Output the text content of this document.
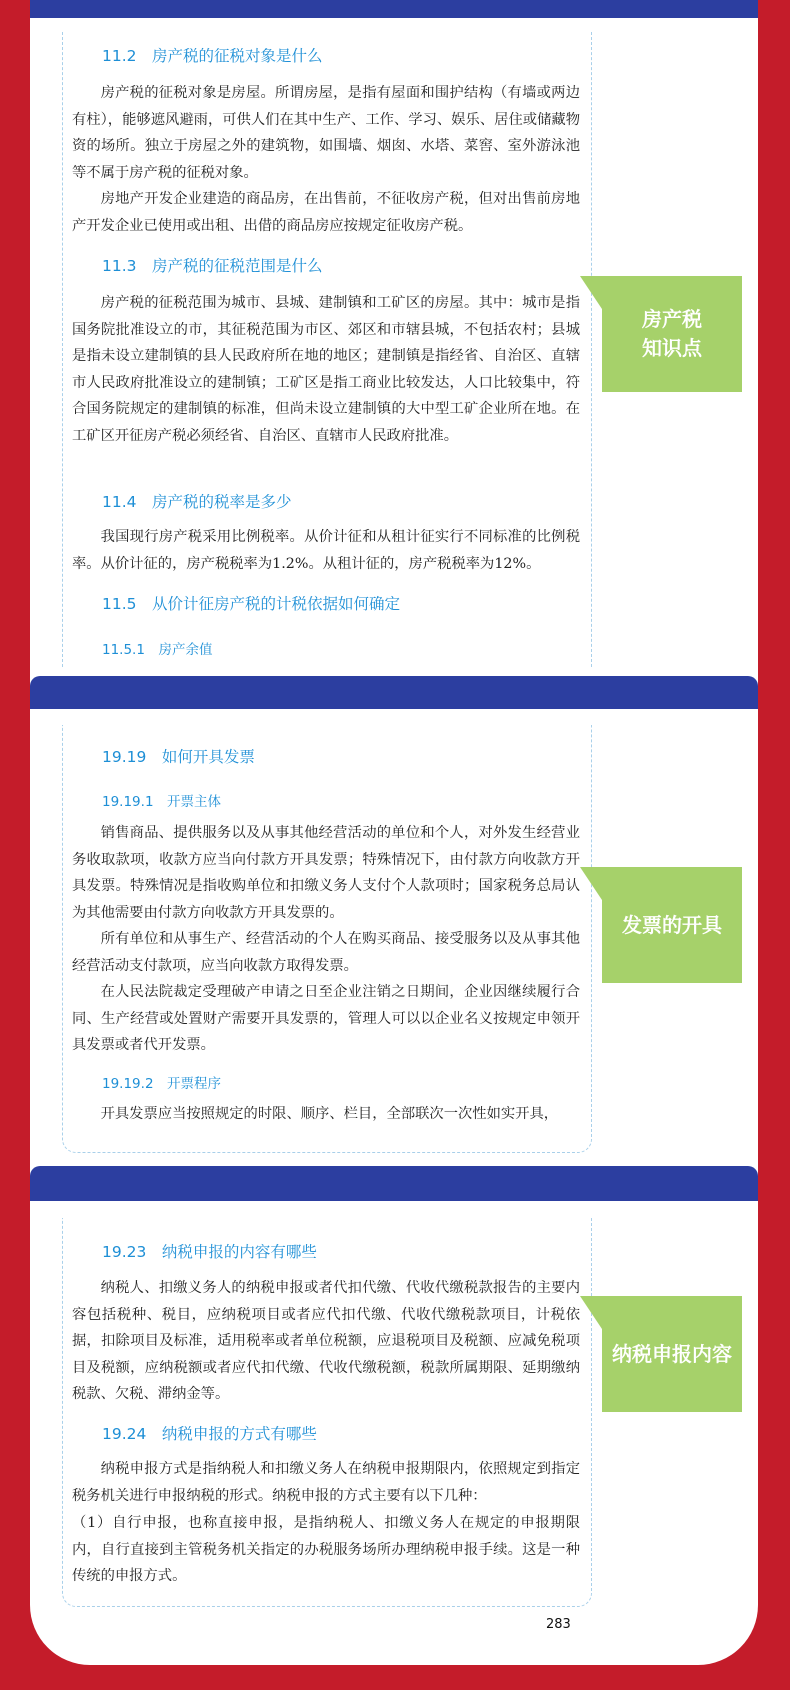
11.2　房产税的征税对象是什么
房产税的征税对象是房屋。所谓房屋，是指有屋面和围护结构（有墙或两边有柱），能够遮风避雨，可供人们在其中生产、工作、学习、娱乐、居住或储藏物资的场所。独立于房屋之外的建筑物，如围墙、烟囱、水塔、菜窖、室外游泳池等不属于房产税的征税对象。
房地产开发企业建造的商品房，在出售前，不征收房产税，但对出售前房地产开发企业已使用或出租、出借的商品房应按规定征收房产税。
11.3　房产税的征税范围是什么
房产税的征税范围为城市、县城、建制镇和工矿区的房屋。其中：城市是指国务院批准设立的市，其征税范围为市区、郊区和市辖县城，不包括农村；县城是指未设立建制镇的县人民政府所在地的地区；建制镇是指经省、自治区、直辖市人民政府批准设立的建制镇；工矿区是指工商业比较发达，人口比较集中，符合国务院规定的建制镇的标准，但尚未设立建制镇的大中型工矿企业所在地。在工矿区开征房产税必须经省、自治区、直辖市人民政府批准。
11.4　房产税的税率是多少
我国现行房产税采用比例税率。从价计征和从租计征实行不同标准的比例税率。从价计征的，房产税税率为1.2%。从租计征的，房产税税率为12%。
11.5　从价计征房产税的计税依据如何确定
11.5.1　房产余值
房产税
知识点
19.19　如何开具发票
19.19.1　开票主体
销售商品、提供服务以及从事其他经营活动的单位和个人，对外发生经营业务收取款项，收款方应当向付款方开具发票；特殊情况下，由付款方向收款方开具发票。特殊情况是指收购单位和扣缴义务人支付个人款项时；国家税务总局认为其他需要由付款方向收款方开具发票的。
所有单位和从事生产、经营活动的个人在购买商品、接受服务以及从事其他经营活动支付款项，应当向收款方取得发票。
在人民法院裁定受理破产申请之日至企业注销之日期间，企业因继续履行合同、生产经营或处置财产需要开具发票的，管理人可以以企业名义按规定申领开具发票或者代开发票。
19.19.2　开票程序
开具发票应当按照规定的时限、顺序、栏目，全部联次一次性如实开具，
发票的开具
19.23　纳税申报的内容有哪些
纳税人、扣缴义务人的纳税申报或者代扣代缴、代收代缴税款报告的主要内容包括税种、税目，应纳税项目或者应代扣代缴、代收代缴税款项目，计税依据，扣除项目及标准，适用税率或者单位税额，应退税项目及税额、应减免税项目及税额，应纳税额或者应代扣代缴、代收代缴税额，税款所属期限、延期缴纳税款、欠税、滞纳金等。
19.24　纳税申报的方式有哪些
纳税申报方式是指纳税人和扣缴义务人在纳税申报期限内，依照规定到指定税务机关进行申报纳税的形式。纳税申报的方式主要有以下几种：
（1）自行申报，也称直接申报，是指纳税人、扣缴义务人在规定的申报期限内，自行直接到主管税务机关指定的办税服务场所办理纳税申报手续。这是一种传统的申报方式。
纳税申报内容
283
